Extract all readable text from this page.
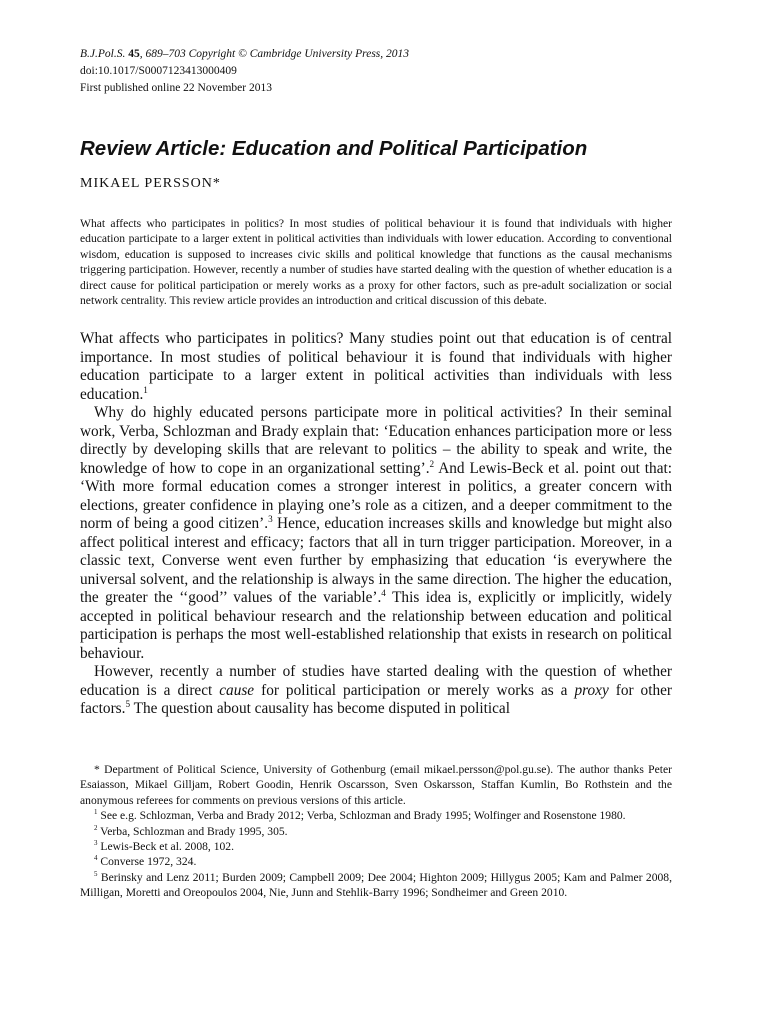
B.J.Pol.S. 45, 689–703 Copyright © Cambridge University Press, 2013
doi:10.1017/S0007123413000409
First published online 22 November 2013
Review Article: Education and Political Participation
MIKAEL PERSSON*
What affects who participates in politics? In most studies of political behaviour it is found that individuals with higher education participate to a larger extent in political activities than individuals with lower education. According to conventional wisdom, education is supposed to increases civic skills and political knowledge that functions as the causal mechanisms triggering participation. However, recently a number of studies have started dealing with the question of whether education is a direct cause for political participation or merely works as a proxy for other factors, such as pre-adult socialization or social network centrality. This review article provides an introduction and critical discussion of this debate.

What affects who participates in politics? Many studies point out that education is of central importance. In most studies of political behaviour it is found that individuals with higher education participate to a larger extent in political activities than individuals with less education.$^1$

Why do highly educated persons participate more in political activities? In their seminal work, Verba, Schlozman and Brady explain that: ‘Education enhances participation more or less directly by developing skills that are relevant to politics – the ability to speak and write, the knowledge of how to cope in an organizational setting’.$^2$ And Lewis-Beck et al. point out that: ‘With more formal education comes a stronger interest in politics, a greater concern with elections, greater confidence in playing one’s role as a citizen, and a deeper commitment to the norm of being a good citizen’.$^3$ Hence, education increases skills and knowledge but might also affect political interest and efficacy; factors that all in turn trigger participation. Moreover, in a classic text, Converse went even further by emphasizing that education ‘is everywhere the universal solvent, and the relationship is always in the same direction. The higher the education, the greater the ‘‘good’’ values of the variable’.$^4$ This idea is, explicitly or implicitly, widely accepted in political behaviour research and the relationship between education and political participation is perhaps the most well-established relationship that exists in research on political behaviour.

However, recently a number of studies have started dealing with the question of whether education is a direct cause for political participation or merely works as a proxy for other factors.$^5$ The question about causality has become disputed in political

* Department of Political Science, University of Gothenburg (email mikael.persson@pol.gu.se). The author thanks Peter Esaiasson, Mikael Gilljam, Robert Goodin, Henrik Oscarsson, Sven Oskarsson, Staffan Kumlin, Bo Rothstein and the anonymous referees for comments on previous versions of this article.

$^1$ See e.g. Schlozman, Verba and Brady 2012; Verba, Schlozman and Brady 1995; Wolfinger and Rosenstone 1980.

$^2$ Verba, Schlozman and Brady 1995, 305.

$^3$ Lewis-Beck et al. 2008, 102.

$^4$ Converse 1972, 324.

$^5$ Berinsky and Lenz 2011; Burden 2009; Campbell 2009; Dee 2004; Highton 2009; Hillygus 2005; Kam and Palmer 2008, Milligan, Moretti and Oreopoulos 2004, Nie, Junn and Stehlik-Barry 1996; Sondheimer and Green 2010.
